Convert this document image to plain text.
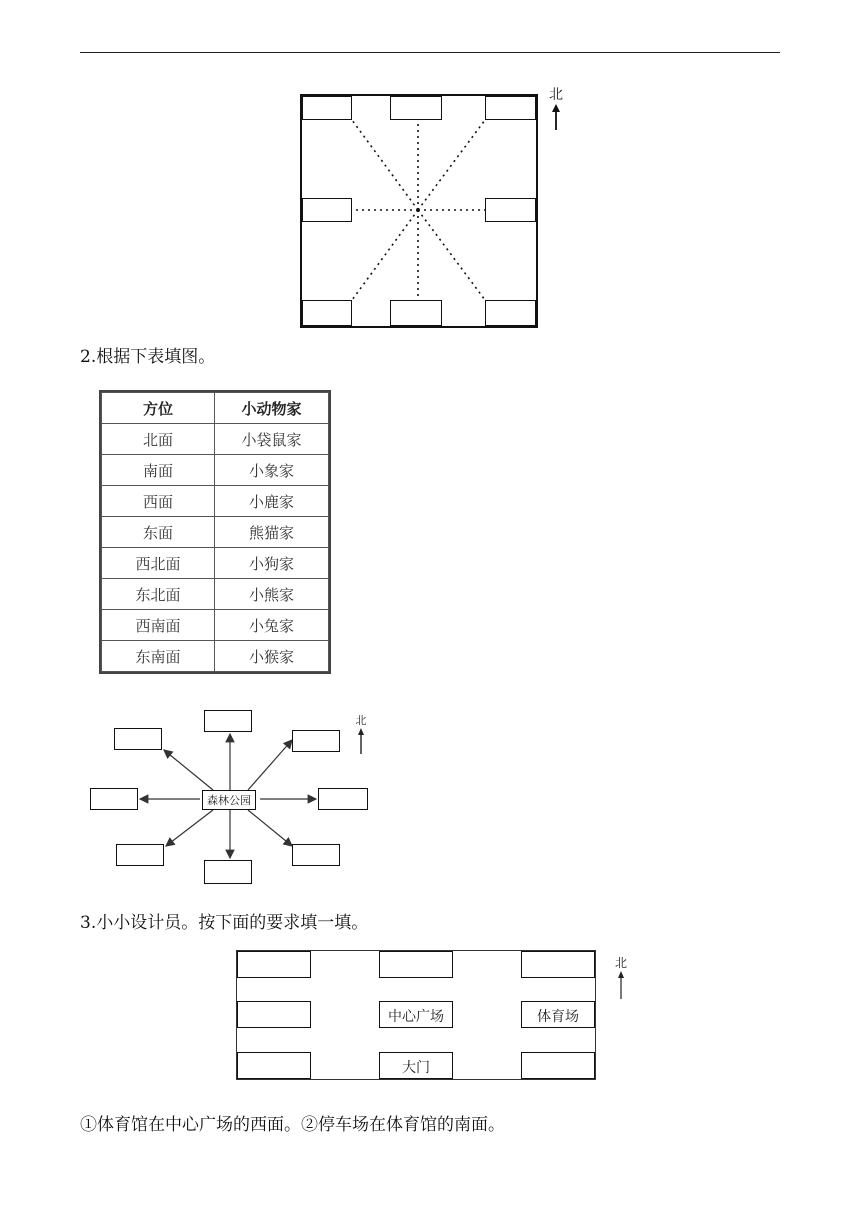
北
2.根据下表填图。
方位	小动物家
北面	小袋鼠家
南面	小象家
西面	小鹿家
东面	熊猫家
西北面	小狗家
东北面	小熊家
西南面	小兔家
东南面	小猴家
森林公园
北
3.小小设计员。按下面的要求填一填。
中心广场	体育场
大门
北
①体育馆在中心广场的西面。②停车场在体育馆的南面。
